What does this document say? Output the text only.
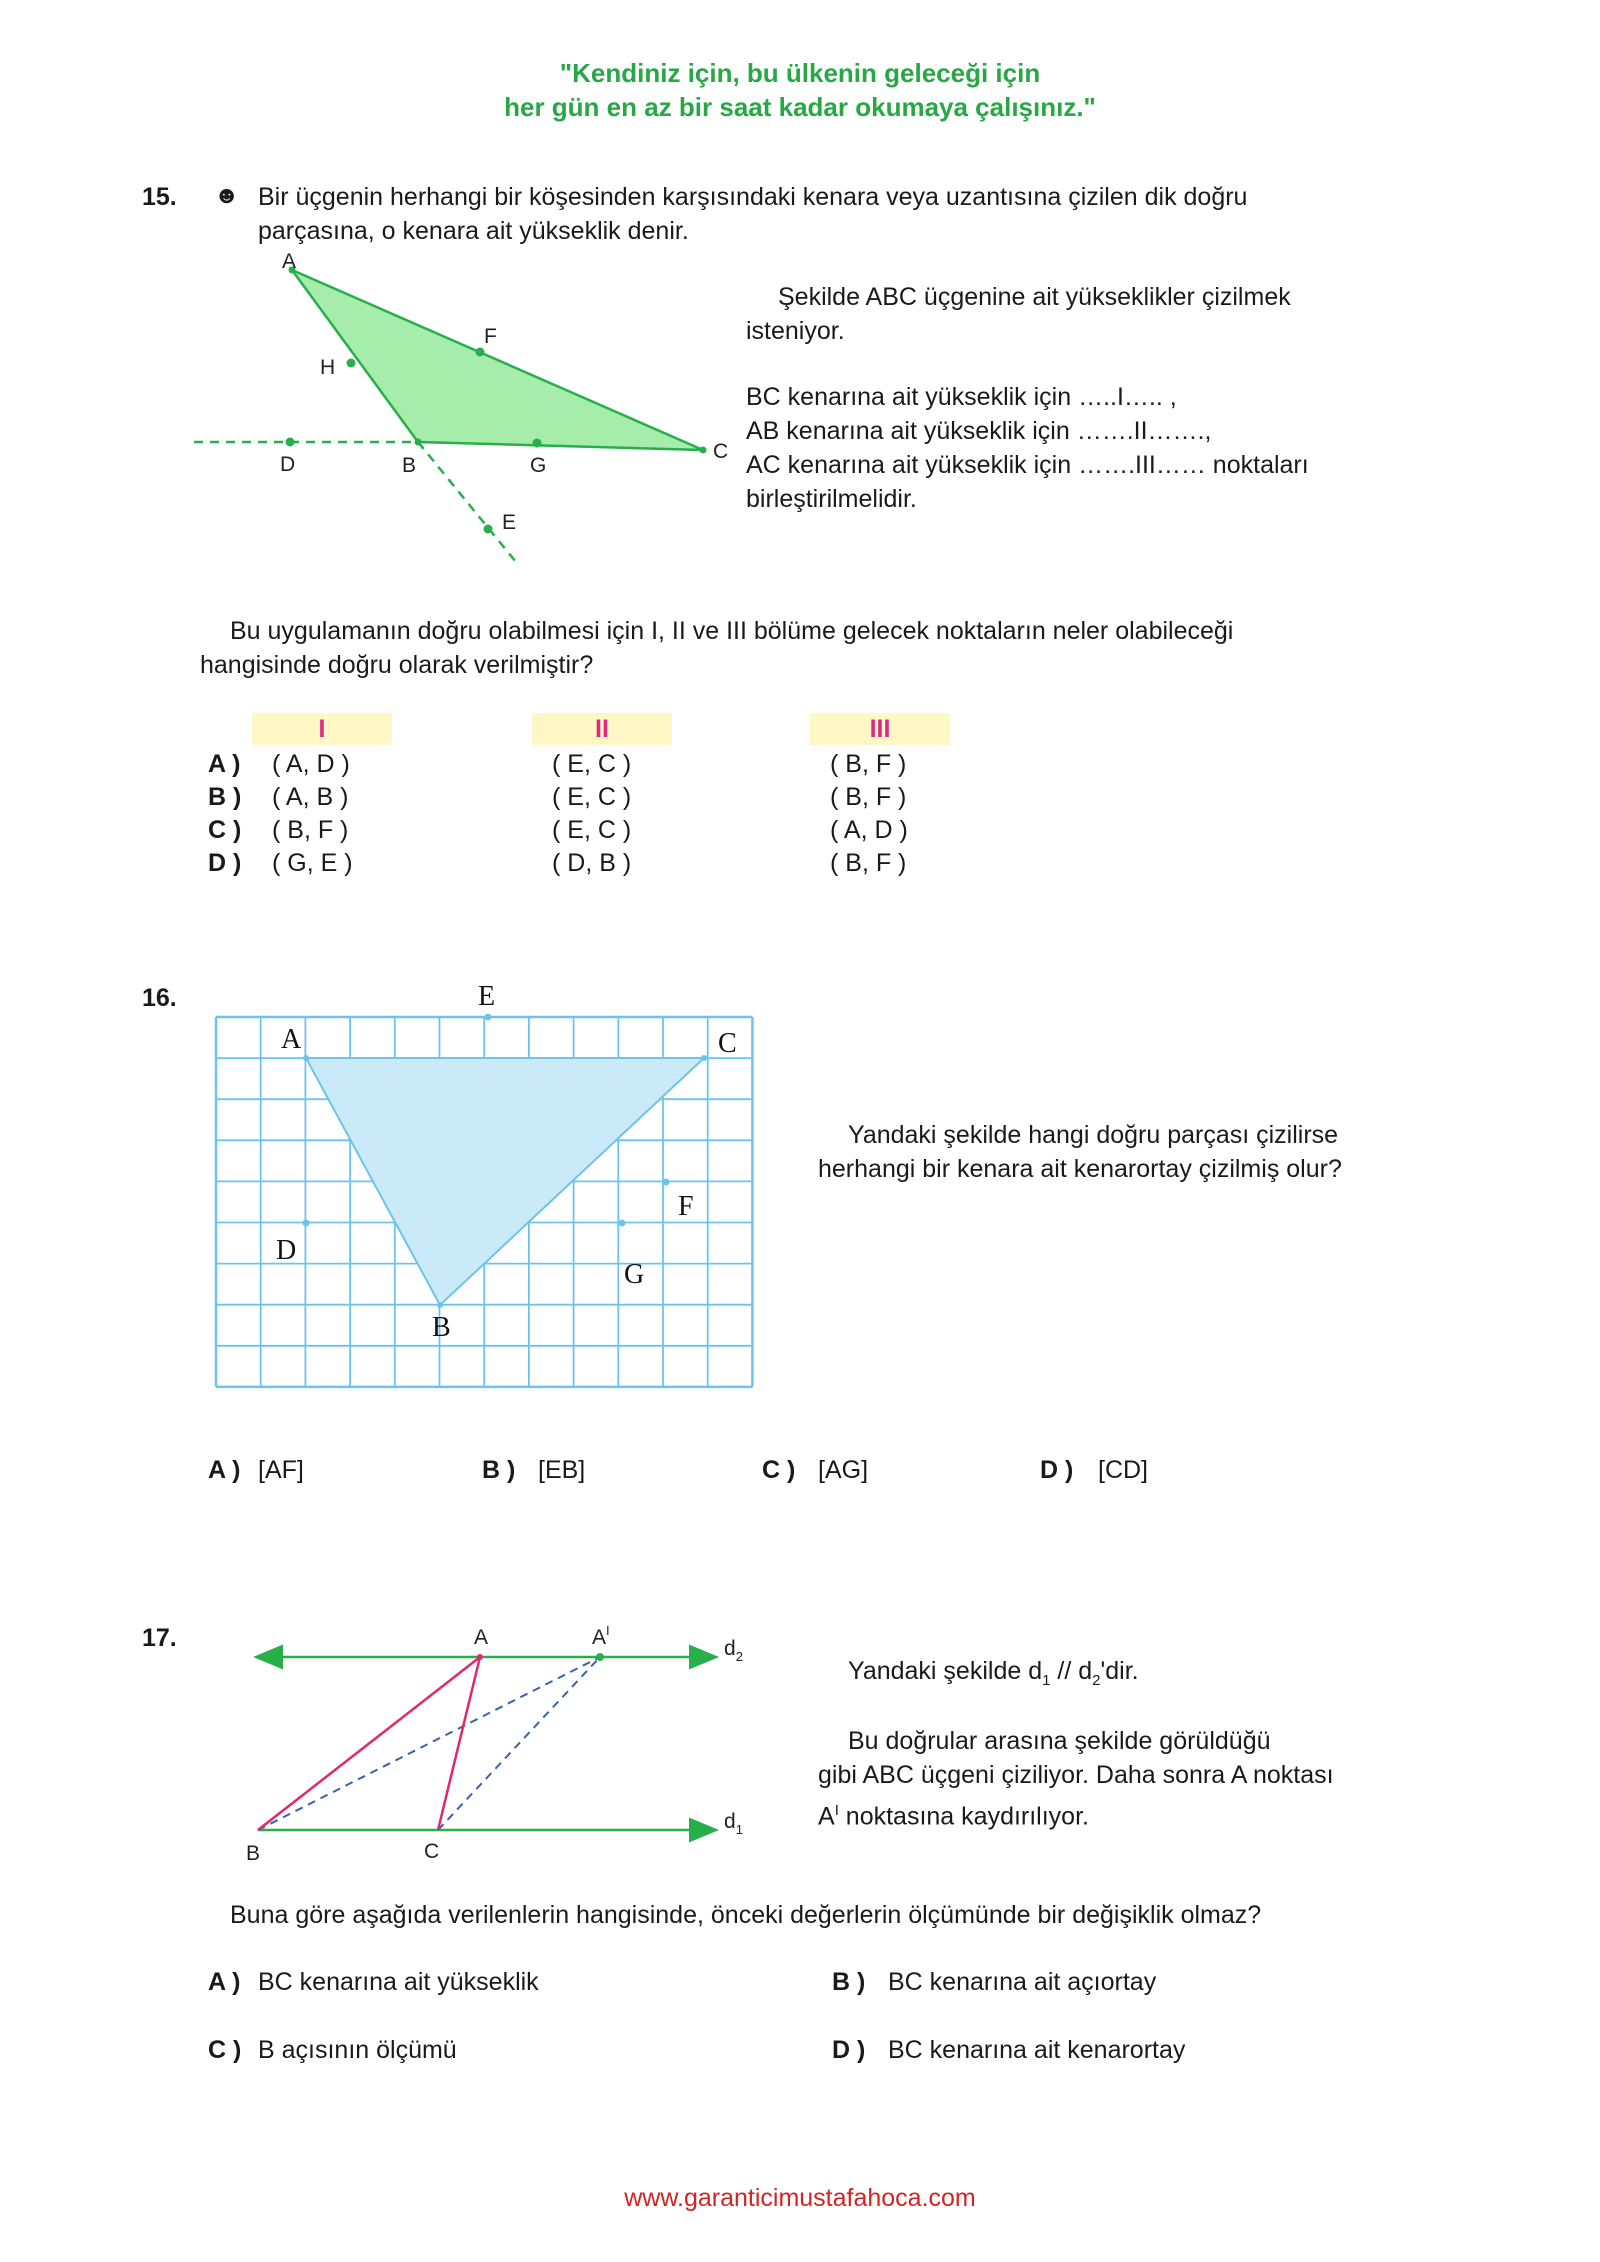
"Kendiniz için, bu ülkenin geleceği için
her gün en az bir saat kadar okumaya çalışınız."
15. ☻ Bir üçgenin herhangi bir köşesinden karşısındaki kenara veya uzantısına çizilen dik doğru
parçasına, o kenara ait yükseklik denir.
A
B
C
D
E
F
G
H
Şekilde ABC üçgenine ait yükseklikler çizilmek
isteniyor.
BC kenarına ait yükseklik için …..I….. ,
AB kenarına ait yükseklik için …….II…….,
AC kenarına ait yükseklik için …….III…… noktaları
birleştirilmelidir.
Bu uygulamanın doğru olabilmesi için I, II ve III bölüme gelecek noktaların neler olabileceği
hangisinde doğru olarak verilmiştir?
I	II	III
A ) ( A, D )	( E, C )	( B, F )
B ) ( A, B )	( E, C )	( B, F )
C ) ( B, F )	( E, C )	( A, D )
D ) ( G, E )	( D, B )	( B, F )
16.
A	C
B
E
D
F
G
Yandaki şekilde hangi doğru parçası çizilirse
herhangi bir kenara ait kenarortay çizilmiş olur?
A ) [AF]	B ) [EB]	C ) [AG]	D ) [CD]
17.	A	$A^I$
B	C
$d_2$
$d_1$
Yandaki şekilde $d_1 // d_2'dir$.
Bu doğrular arasına şekilde görüldüğü
gibi ABC üçgeni çiziliyor. Daha sonra A noktası
$A^I$ noktasına kaydırılıyor.
Buna göre aşağıda verilenlerin hangisinde, önceki değerlerin ölçümünde bir değişiklik olmaz?
A ) BC kenarına ait yükseklik	B ) BC kenarına ait açıortay
C ) B açısının ölçümü	D ) BC kenarına ait kenarortay
www.garanticimustafahoca.com
